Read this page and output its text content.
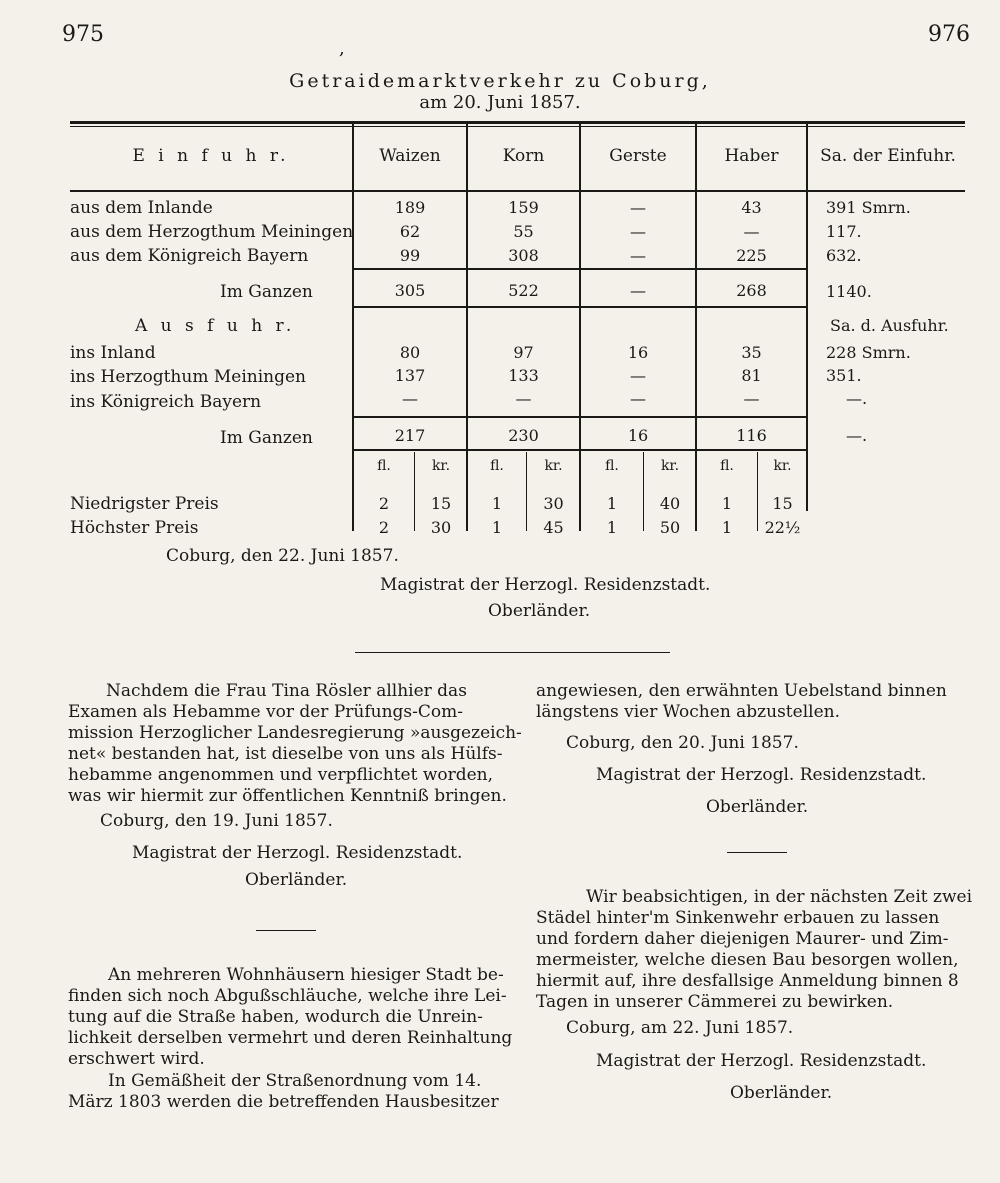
975	976
,
Getraidemarktverkehr zu Coburg,
am 20. Juni 1857.
E i n f u h r.	Waizen	Korn	Gerste	Haber	Sa. der Einfuhr.
aus dem Inlande	189	159	—	43	391 Smrn.
aus dem Herzogthum Meiningen	62	55	—	—	117.
aus dem Königreich Bayern	99	308	—	225	632.
Im Ganzen	305	522	—	268	1140.
A u s f u h r.	Sa. d. Ausfuhr.
ins Inland	80	97	16	35	228 Smrn.
ins Herzogthum Meiningen	137	133	—	81	351.
ins Königreich Bayern	—	—	—	—	—.
Im Ganzen	217	230	16	116	—.
fl.	kr.	fl.	kr.	fl.	kr.	fl.	kr.
Niedrigster Preis	2	15	1	30	1	40	1	15
Höchster Preis	2	30	1	45	1	50	1	22½
Coburg, den 22. Juni 1857.
Magistrat der Herzogl. Residenzstadt.
Oberländer.
Nachdem die Frau Tina Rösler allhier das
Examen als Hebamme vor der Prüfungs-Com-
mission Herzoglicher Landesregierung »ausgezeich-
net« bestanden hat, ist dieselbe von uns als Hülfs-
hebamme angenommen und verpflichtet worden,
was wir hiermit zur öffentlichen Kenntniß bringen.
Coburg, den 19. Juni 1857.
Magistrat der Herzogl. Residenzstadt.
Oberländer.
An mehreren Wohnhäusern hiesiger Stadt be-
finden sich noch Abgußschläuche, welche ihre Lei-
tung auf die Straße haben, wodurch die Unrein-
lichkeit derselben vermehrt und deren Reinhaltung
erschwert wird.
In Gemäßheit der Straßenordnung vom 14.
März 1803 werden die betreffenden Hausbesitzer
angewiesen, den erwähnten Uebelstand binnen
längstens vier Wochen abzustellen.
Coburg, den 20. Juni 1857.
Magistrat der Herzogl. Residenzstadt.
Oberländer.
Wir beabsichtigen, in der nächsten Zeit zwei
Städel hinter'm Sinkenwehr erbauen zu lassen
und fordern daher diejenigen Maurer- und Zim-
mermeister, welche diesen Bau besorgen wollen,
hiermit auf, ihre desfallsige Anmeldung binnen 8
Tagen in unserer Cämmerei zu bewirken.
Coburg, am 22. Juni 1857.
Magistrat der Herzogl. Residenzstadt.
Oberländer.
